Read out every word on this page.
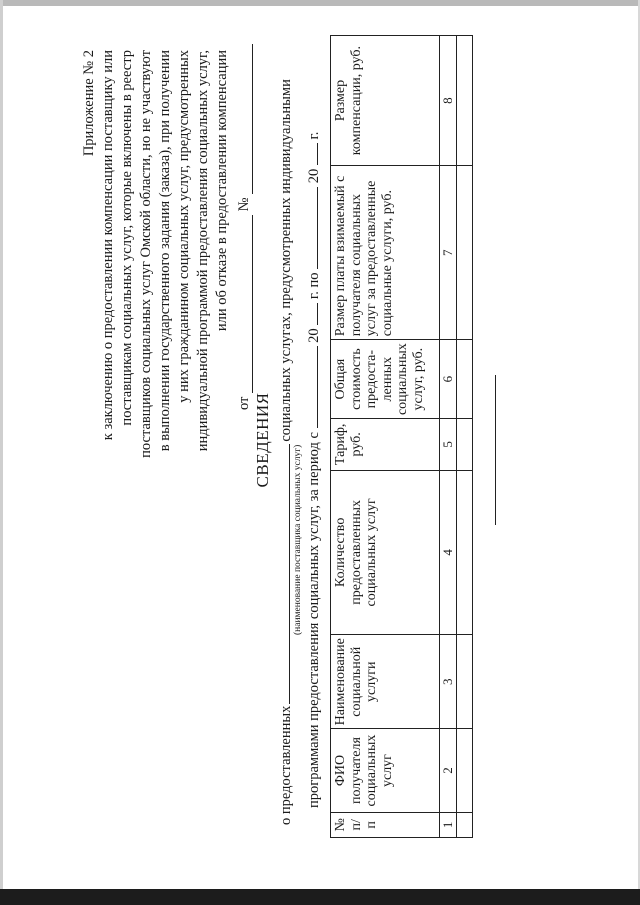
Приложение № 2 к заключению о предоставлении компенсации поставщику или поставщикам социальных услуг, которые включены в реестр поставщиков социальных услуг Омской области, но не участвуют в выполнении государственного задания (заказа), при получении у них гражданином социальных услуг, предусмотренных индивидуальной программой предоставления социальных услуг, или об отказе в предоставлении компенсации
от  №
СВЕДЕНИЯ
о предоставленныхсоциальных услугах, предусмотренных индивидуальными
(наименование поставщика социальных услуг) программами предоставления социальных услуг, за период с  20  г. по  20  г.
№ п/п	ФИО получателя социальных услуг	Наименование социальной услуги	Количество предоставленных социальных услуг	Тариф, руб.	Общая стоимость предоста-ленных социальных услуг, руб.	Размер платы взимаемый с получателя социальных услуг за предоставленные социальные услуги, руб.	Размер компенсации, руб.
1	2	3	4	5	6	7	8
